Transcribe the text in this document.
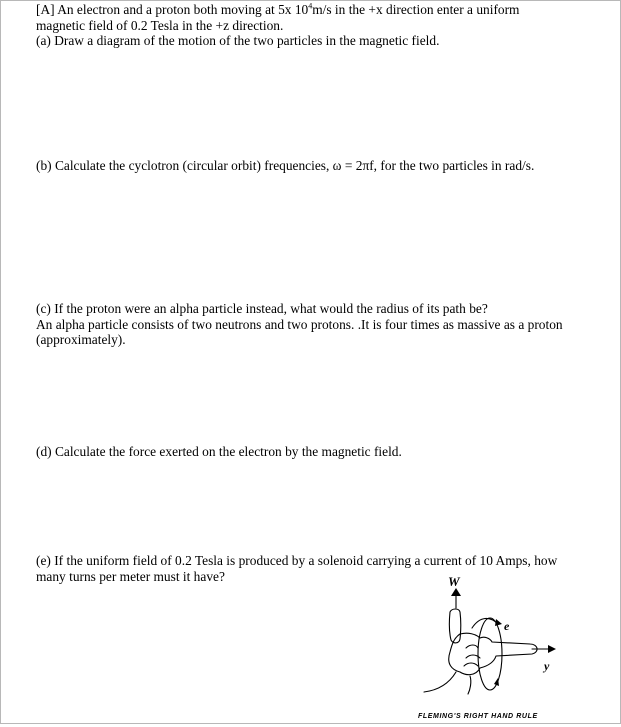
[A] An electron and a proton both moving at 5x $10^4m/s$ in the +x direction enter a uniform
magnetic field of 0.2 Tesla in the +z direction.
(a) Draw a diagram of the motion of the two particles in the magnetic field.
(b) Calculate the cyclotron (circular orbit) frequencies, ω = 2πf, for the two particles in rad/s.
(c) If the proton were an alpha particle instead, what would the radius of its path be?
An alpha particle consists of two neutrons and two protons. .It is four times as massive as a proton
(approximately).
(d) Calculate the force exerted on the electron by the magnetic field.
(e) If the uniform field of 0.2 Tesla is produced by a solenoid carrying a current of 10 Amps, how
many turns per meter must it have?	W
e
y
FLEMING'S RIGHT HAND RULE
